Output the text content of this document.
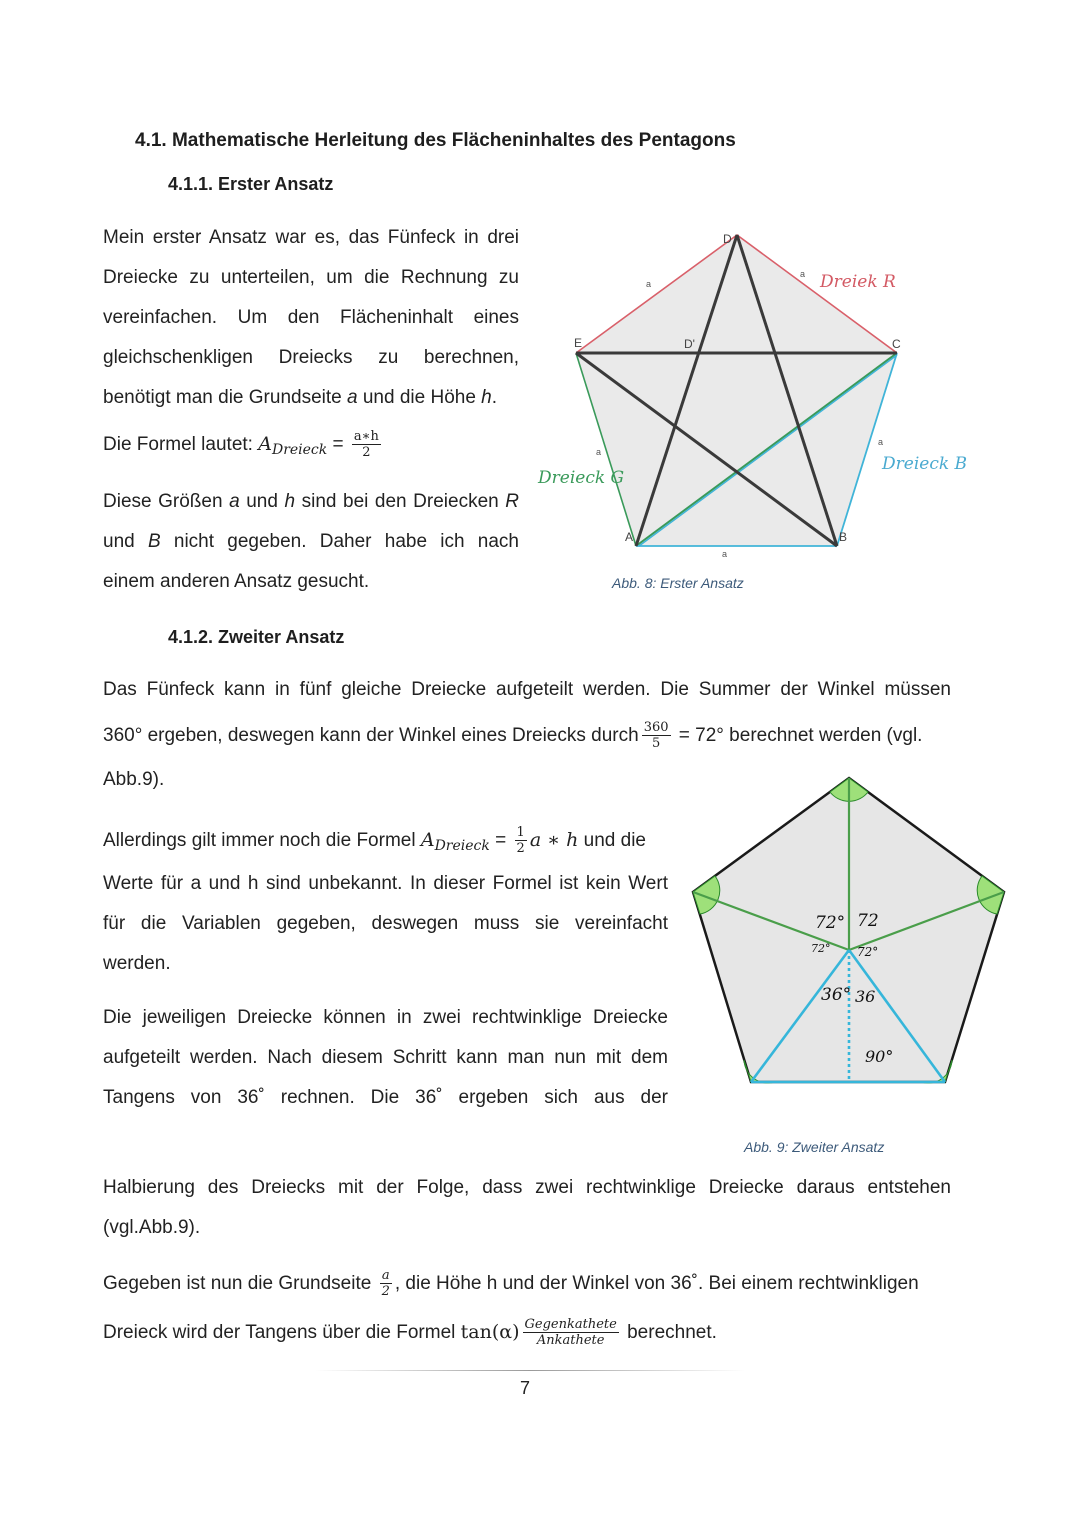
4.1. Mathematische Herleitung des Flächeninhaltes des Pentagons
4.1.1. Erster Ansatz
Mein erster Ansatz war es, das Fünfeck in drei
Dreiecke zu unterteilen, um die Rechnung zu
vereinfachen. Um den Flächeninhalt eines
gleichschenkligen Dreiecks zu berechnen,
benötigt man die Grundseite a und die Höhe h.
Die Formel lautet: $A_{Dreieck} = \frac{a∗h}{2}$
Diese Größen a und h sind bei den Dreiecken R
und B nicht gegeben. Daher habe ich nach
einem anderen Ansatz gesucht.
D
C
E
A	B
D'
a
a
a
a
a
Dreiek R
Dreieck B
Dreieck G
Abb. 8: Erster Ansatz
4.1.2. Zweiter Ansatz
Das Fünfeck kann in fünf gleiche Dreiecke aufgeteilt werden. Die Summer der Winkel müssen
360° ergeben, deswegen kann der Winkel eines Dreiecks durch $\frac{360}{5} = 72^\circ$ berechnet werden (vgl.
Abb.9).
Allerdings gilt immer noch die Formel $A_{Dreieck} = \frac{1}{2}$ a ∗ h und die
Werte für a und h sind unbekannt. In dieser Formel ist kein Wert
für die Variablen gegeben, deswegen muss sie vereinfacht
werden.
Die jeweiligen Dreiecke können in zwei rechtwinklige Dreiecke
aufgeteilt werden. Nach diesem Schritt kann man nun mit dem
Tangens von 36˚ rechnen. Die 36˚ ergeben sich aus der
72° 72
72° 72°
36° 36
90°
Abb. 9: Zweiter Ansatz
Halbierung des Dreiecks mit der Folge, dass zwei rechtwinklige Dreiecke daraus entstehen
(vgl.Abb.9).
Gegeben ist nun die Grundseite $\frac{a}{2}$ , die Höhe h und der Winkel von 36˚. Bei einem rechtwinkligen
Dreieck wird der Tangens über die Formel $\tan(\alpha) \frac{\text{Gegenkathete}}{\text{Ankathete}}$ berechnet.
7
